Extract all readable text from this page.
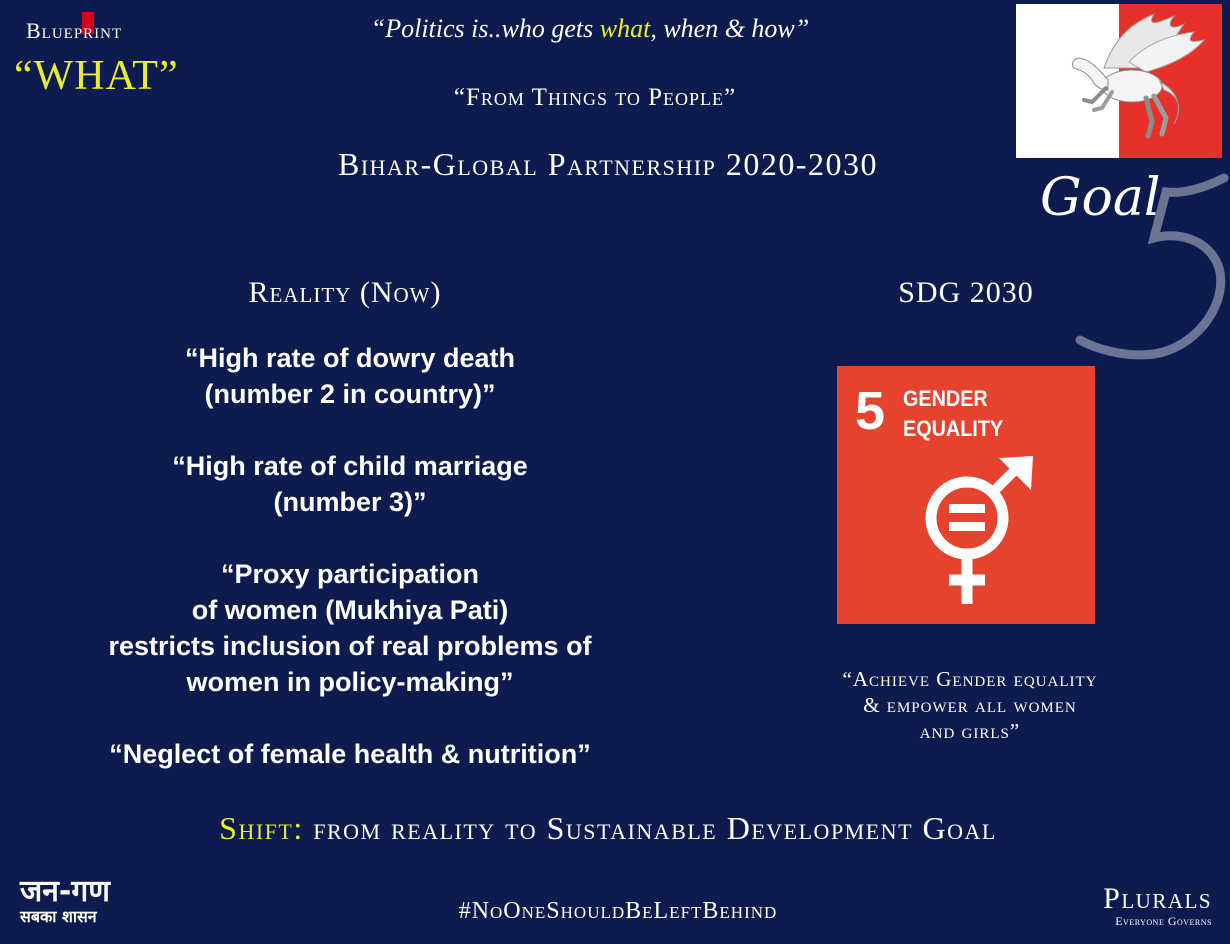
Blueprint
“WHAT”
“Politics is..who gets what, when & how”
“From Things to People”
Bihar-Global Partnership 2020-2030
Goal
Reality (Now)	SDG 2030
“High rate of dowry death
(number 2 in country)”
“High rate of child marriage
(number 3)”
“Proxy participation
of women (Mukhiya Pati)
restricts inclusion of real problems of
women in policy-making”
“Neglect of female health & nutrition”
5 GENDER
EQUALITY
“Achieve Gender equality
& empower all women
and girls”
Shift: from reality to Sustainable Development Goal
जन-गण
सबका शासन	#NoOneShouldBeLeftBehind	Plurals
Everyone Governs
